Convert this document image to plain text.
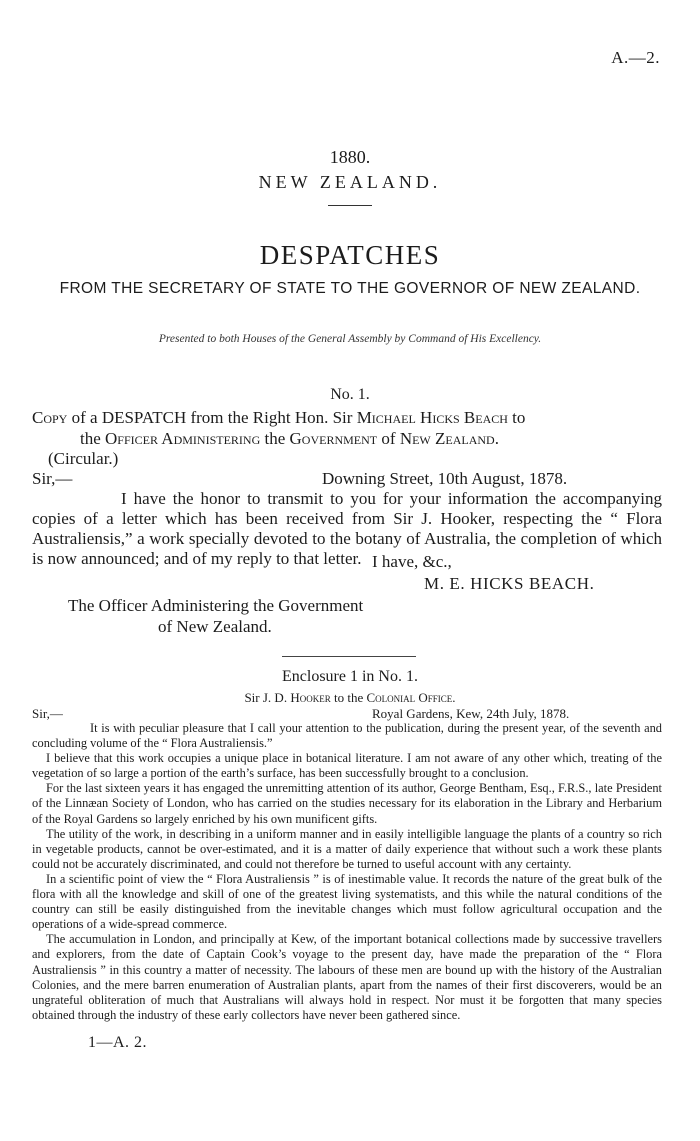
A.—2.
1880.
NEW ZEALAND.
DESPATCHES
FROM THE SECRETARY OF STATE TO THE GOVERNOR OF NEW ZEALAND.
Presented to both Houses of the General Assembly by Command of His Excellency.
No. 1.
Copy of a DESPATCH from the Right Hon. Sir Michael Hicks Beach to
the Officer Administering the Government of New Zealand.
(Circular.)
Sir,—	Downing Street, 10th August, 1878.
I have the honor to transmit to you for your information the accompanying copies of a letter which has been received from Sir J. Hooker, respecting the “ Flora Australiensis,” a work specially devoted to the botany of Australia, the completion of which is now announced; and of my reply to that letter. I have, &c.,
M. E. HICKS BEACH.
The Officer Administering the Government
of New Zealand.
Enclosure 1 in No. 1.
Sir J. D. Hooker to the Colonial Office.
Sir,—	Royal Gardens, Kew, 24th July, 1878.

It is with peculiar pleasure that I call your attention to the publication, during the present year, of the seventh and concluding volume of the “ Flora Australiensis.”

I believe that this work occupies a unique place in botanical literature. I am not aware of any other which, treating of the vegetation of so large a portion of the earth’s surface, has been successfully brought to a conclusion.

For the last sixteen years it has engaged the unremitting attention of its author, George Bentham, Esq., F.R.S., late President of the Linnæan Society of London, who has carried on the studies necessary for its elaboration in the Library and Herbarium of the Royal Gardens so largely enriched by his own munificent gifts.

The utility of the work, in describing in a uniform manner and in easily intelligible language the plants of a country so rich in vegetable products, cannot be over-estimated, and it is a matter of daily experience that without such a work these plants could not be accurately discriminated, and could not therefore be turned to useful account with any certainty.

In a scientific point of view the “ Flora Australiensis ” is of inestimable value. It records the nature of the great bulk of the flora with all the knowledge and skill of one of the greatest living systematists, and this while the natural conditions of the country can still be easily distinguished from the inevitable changes which must follow agricultural occupation and the operations of a wide-spread commerce.

The accumulation in London, and principally at Kew, of the important botanical collections made by successive travellers and explorers, from the date of Captain Cook’s voyage to the present day, have made the preparation of the “ Flora Australiensis ” in this country a matter of necessity. The labours of these men are bound up with the history of the Australian Colonies, and the mere barren enumeration of Australian plants, apart from the names of their first discoverers, would be an ungrateful obliteration of much that Australians will always hold in respect. Nor must it be forgotten that many species obtained through the industry of these early collectors have never been gathered since.

1—A. 2.
